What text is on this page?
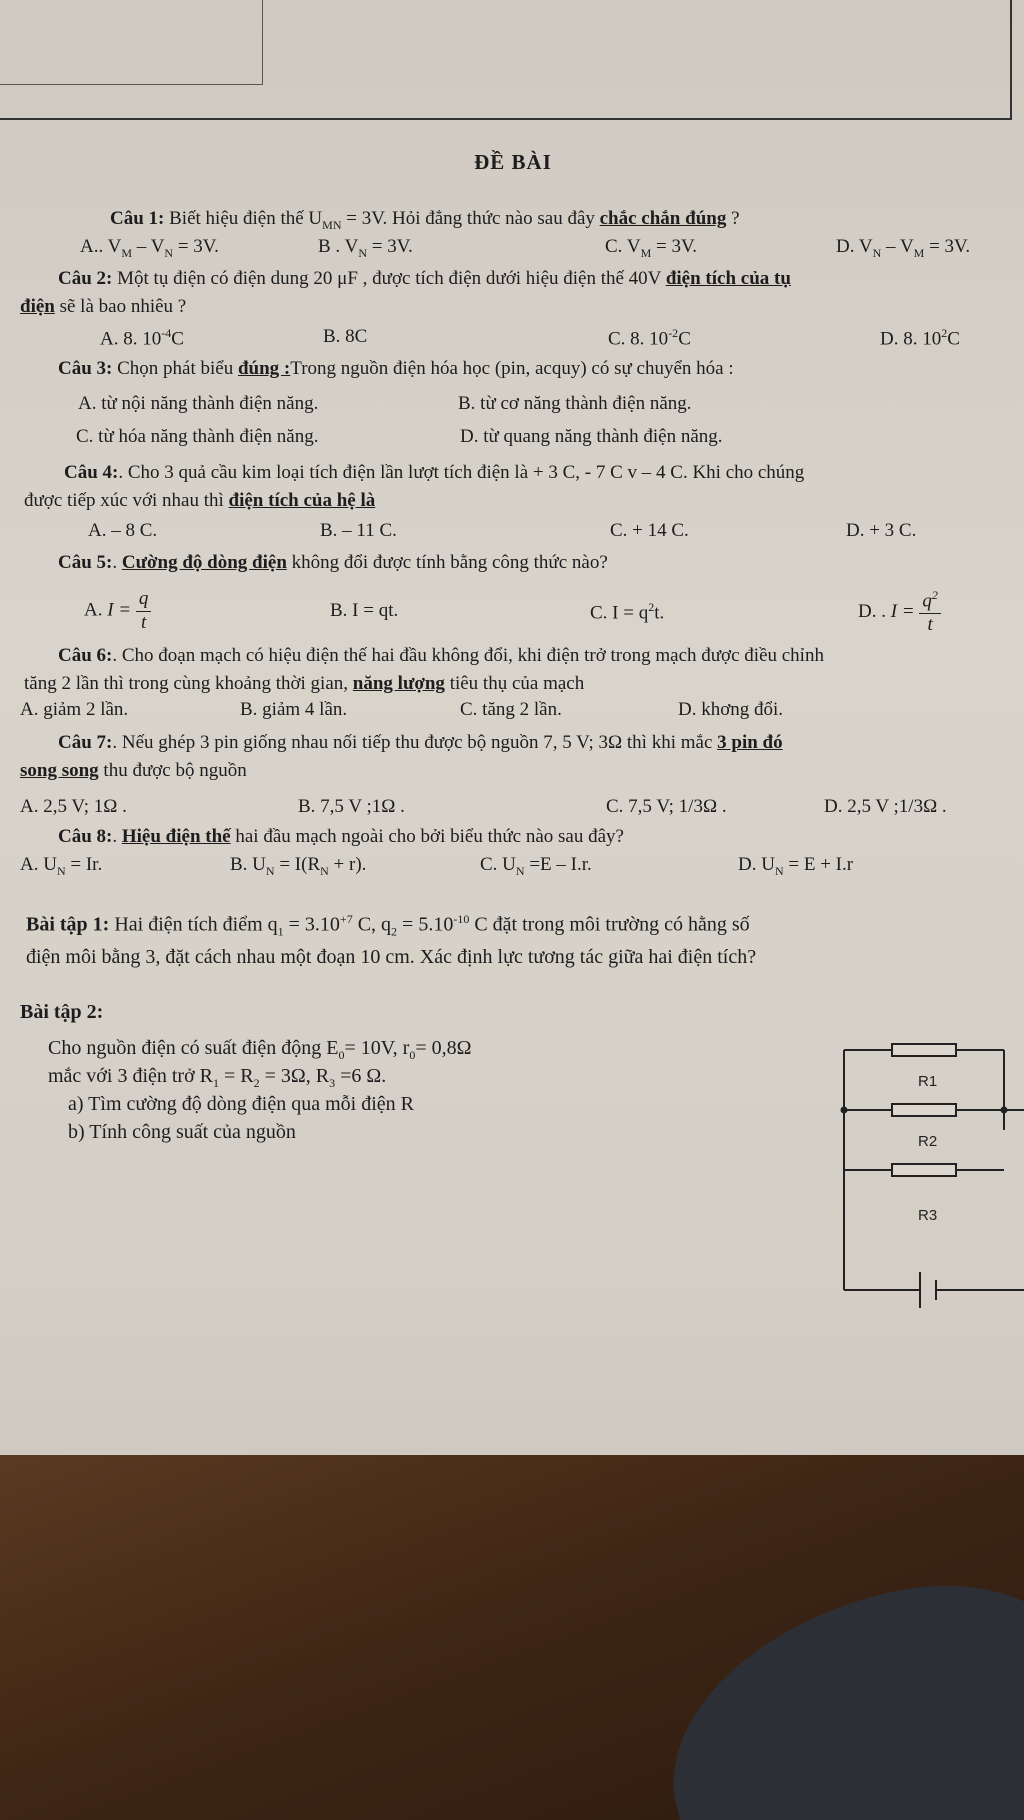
ĐỀ BÀI
Câu 1: Biết hiệu điện thế $U_{MN} = 3V$. Hỏi đẳng thức nào sau đây chắc chắn đúng ?
A.. $V_M - V_N = 3V$.	B . $V_N = 3V$.	C. $V_M = 3V$.	D. $V_N - V_M = 3V$.
Câu 2: Một tụ điện có điện dung 20 μF , được tích điện dưới hiệu điện thế 40V điện tích của tụ
điện sẽ là bao nhiêu ?
A. 8. $10^{-4}C$	B. 8C	C. 8. $10^{-2}C$	D. 8. $10^2C$
Câu 3: Chọn phát biểu đúng :Trong nguồn điện hóa học (pin, acquy) có sự chuyển hóa :
A. từ nội năng thành điện năng.	B. từ cơ năng thành điện năng.
C. từ hóa năng thành điện năng.	D. từ quang năng thành điện năng.
Câu 4:. Cho 3 quả cầu kim loại tích điện lần lượt tích điện là + 3 C, - 7 C v – 4 C. Khi cho chúng
được tiếp xúc với nhau thì điện tích của hệ là
A. – 8 C.	B. – 11 C.	C. + 14 C.	D. + 3 C.
Câu 5:. Cường độ dòng điện không đổi được tính bằng công thức nào?
A. $I = \frac{q}{t}$	B. I = qt.	C. $I = q^2t$.	D. . $I = \frac{q^2}{t}$
Câu 6:. Cho đoạn mạch có hiệu điện thế hai đầu không đổi, khi điện trở trong mạch được điều chỉnh
tăng 2 lần thì trong cùng khoảng thời gian, năng lượng tiêu thụ của mạch
A. giảm 2 lần.	B. giảm 4 lần.	C. tăng 2 lần.	D. khơng đổi.
Câu 7:. Nếu ghép 3 pin giống nhau nối tiếp thu được bộ nguồn 7, 5 V; 3Ω thì khi mắc 3 pin đó
song song thu được bộ nguồn
A. 2,5 V; 1Ω .	B. 7,5 V ;1Ω .	C. 7,5 V; 1/3Ω .	D. 2,5 V ;1/3Ω .
Câu 8:. Hiệu điện thế hai đầu mạch ngoài cho bởi biểu thức nào sau đây?
A. $U_N = Ir$.	B. $U_N = I(R_N + r)$.	C. $U_N =E - I.r$.	D. $U_N = E + I.r$
Bài tập 1: Hai điện tích điểm $q_1 = 3.10^{+7}$ C, $q_2 = 5.10^{-10}$ C đặt trong môi trường có hằng số
điện môi bằng 3, đặt cách nhau một đoạn 10 cm. Xác định lực tương tác giữa hai điện tích?
Bài tập 2:
Cho nguồn điện có suất điện động $E_0= 10V$, $r_0= 0,8\Omega$
mắc với 3 điện trở $R_1 = R_2 = 3\Omega$, $R_3 =6$ Ω.
a) Tìm cường độ dòng điện qua mỗi điện R
b) Tính công suất của nguồn
R1
R2
R3
